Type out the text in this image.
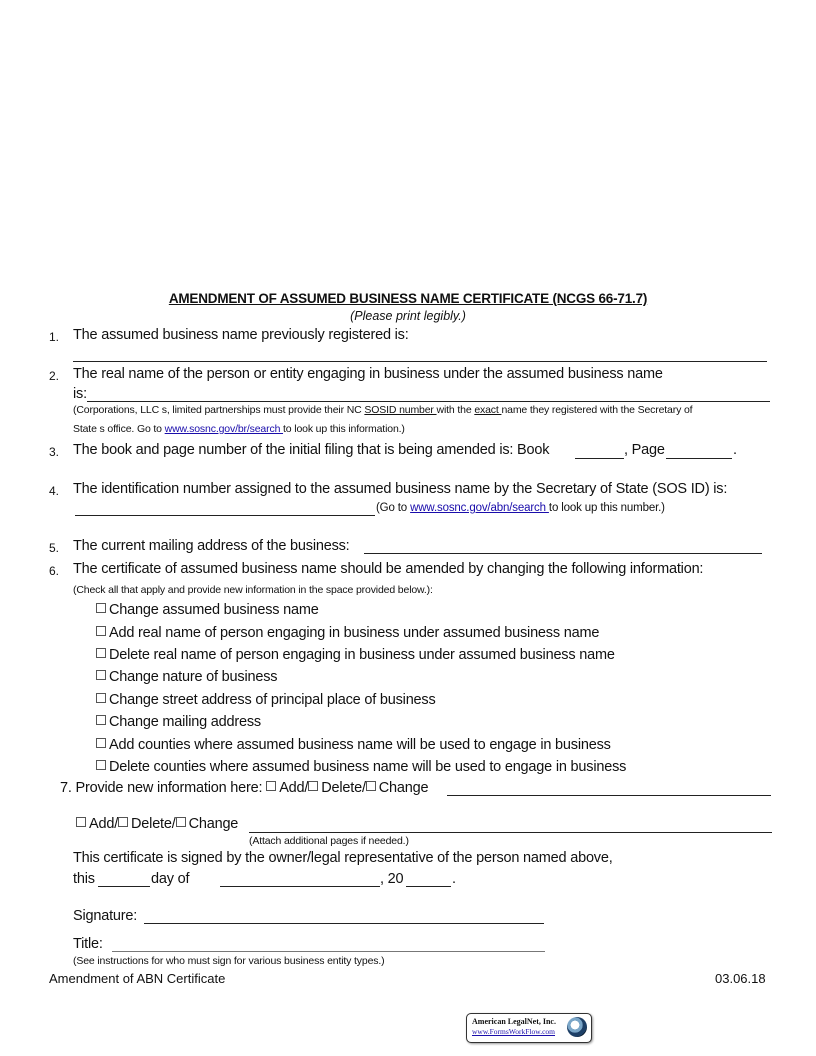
AMENDMENT OF ASSUMED BUSINESS NAME CERTIFICATE (NCGS 66-71.7)
(Please print legibly.)
1. The assumed business name previously registered is:
2. The real name of the person or entity engaging in business under the assumed business name
is:
(Corporations, LLC s, limited partnerships must provide their NC SOSID number with the exact name they registered with the Secretary of
State s office. Go to www.sosnc.gov/br/search to look up this information.)
3. The book and page number of the initial filing that is being amended is: Book	, Page	.
4. The identification number assigned to the assumed business name by the Secretary of State (SOS ID) is:
(Go to www.sosnc.gov/abn/search to look up this number.)
5. The current mailing address of the business:
6. The certificate of assumed business name should be amended by changing the following information:
(Check all that apply and provide new information in the space provided below.):
Change assumed business name
Add real name of person engaging in business under assumed business name
Delete real name of person engaging in business under assumed business name
Change nature of business
Change street address of principal place of business
Change mailing address
Add counties where assumed business name will be used to engage in business
Delete counties where assumed business name will be used to engage in business
7. Provide new information here: Add/ Delete/ Change
Add/ Delete/ Change
(Attach additional pages if needed.)
This certificate is signed by the owner/legal representative of the person named above,
this	day of	, 20	.
Signature:
Title:
(See instructions for who must sign for various business entity types.)
Amendment of ABN Certificate	03.06.18
American LegalNet, Inc.
www.FormsWorkFlow.com
